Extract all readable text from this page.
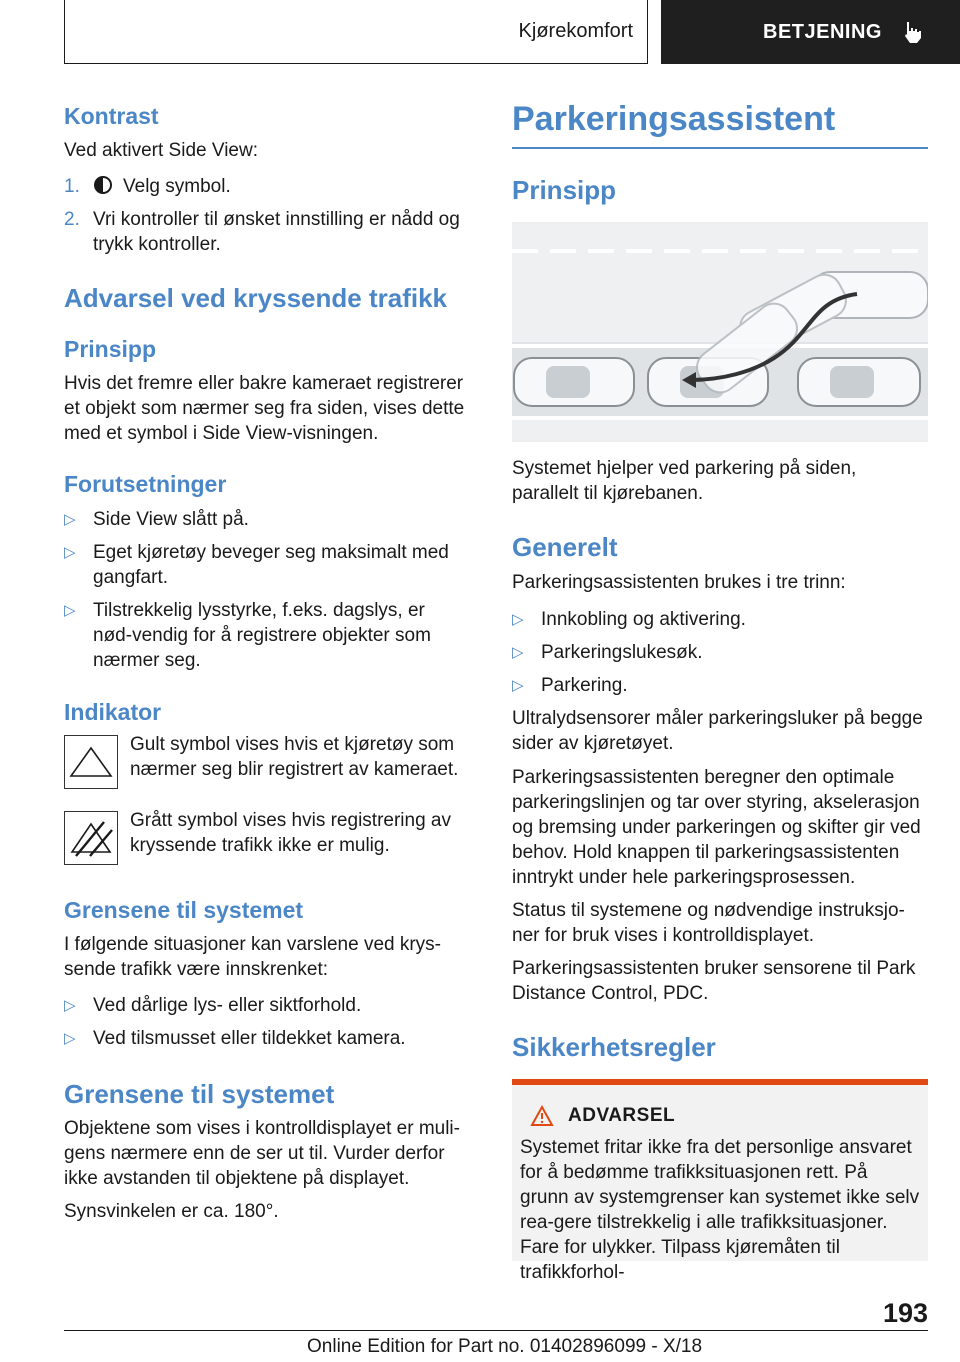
Kjørekomfort	BETJENING
Kontrast

Ved aktivert Side View:

1. Velg symbol.
2. Vri kontroller til ønsket innstilling er nådd og trykk kontroller.
Advarsel ved kryssende trafikk
Prinsipp

Hvis det fremre eller bakre kameraet registrerer et objekt som nærmer seg fra siden, vises dette med et symbol i Side View-visningen.

Forutsetninger
▷ Side View slått på.
▷ Eget kjøretøy beveger seg maksimalt med gangfart.
▷ Tilstrekkelig lysstyrke, f.eks. dagslys, er nød-vendig for å registrere objekter som nærmer seg.
Indikator

Gult symbol vises hvis et kjøretøy som nærmer seg blir registrert av kameraet.

Grått symbol vises hvis registrering av kryssende trafikk ikke er mulig.

Grensene til systemet

I følgende situasjoner kan varslene ved krys-sende trafikk være innskrenket:

▷ Ved dårlige lys- eller siktforhold.
▷ Ved tilsmusset eller tildekket kamera.
Grensene til systemet

Objektene som vises i kontrolldisplayet er muli-gens nærmere enn de ser ut til. Vurder derfor ikke avstanden til objektene på displayet.

Synsvinkelen er ca. 180°.

Parkeringsassistent
Prinsipp

Systemet hjelper ved parkering på siden, parallelt til kjørebanen.

Generelt

Parkeringsassistenten brukes i tre trinn:

▷ Innkobling og aktivering.
▷ Parkeringslukesøk.
▷ Parkering.

Ultralydsensorer måler parkeringsluker på begge sider av kjøretøyet.

Parkeringsassistenten beregner den optimale parkeringslinjen og tar over styring, akselerasjon og bremsing under parkeringen og skifter gir ved behov. Hold knappen til parkeringsassistenten inntrykt under hele parkeringsprosessen.

Status til systemene og nødvendige instruksjo-ner for bruk vises i kontrolldisplayet.

Parkeringsassistenten bruker sensorene til Park Distance Control, PDC.

Sikkerhetsregler
ADVARSEL

Systemet fritar ikke fra det personlige ansvaret for å bedømme trafikksituasjonen rett. På grunn av systemgrenser kan systemet ikke selv rea-gere tilstrekkelig i alle trafikksituasjoner. Fare for ulykker. Tilpass kjøremåten til trafikkforhol-

193
Online Edition for Part no. 01402896099 - X/18
